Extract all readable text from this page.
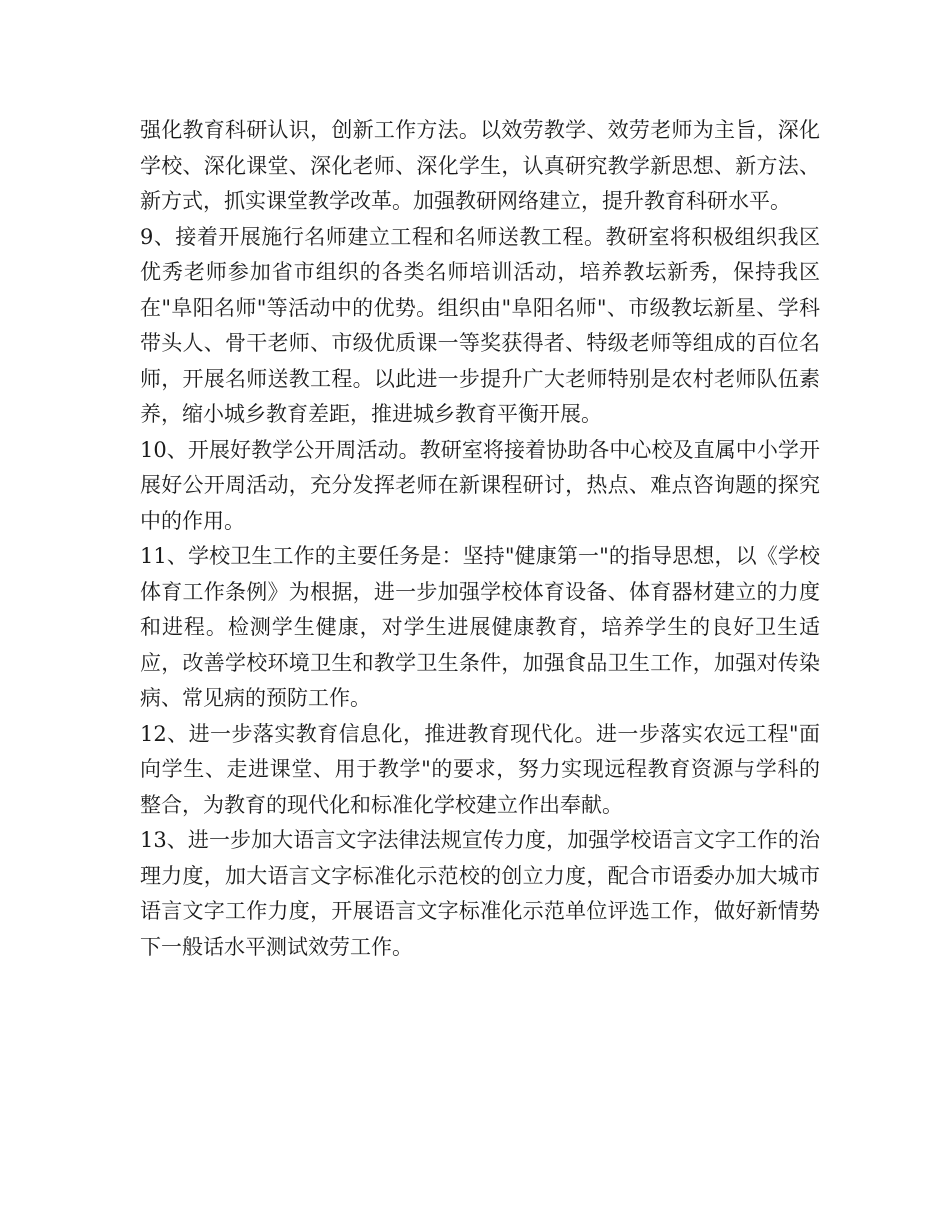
强化教育科研认识，创新工作方法。以效劳教学、效劳老师为主旨，深化学校、深化课堂、深化老师、深化学生，认真研究教学新思想、新方法、新方式，抓实课堂教学改革。加强教研网络建立，提升教育科研水平。

9、接着开展施行名师建立工程和名师送教工程。教研室将积极组织我区优秀老师参加省市组织的各类名师培训活动，培养教坛新秀，保持我区在"阜阳名师"等活动中的优势。组织由"阜阳名师"、市级教坛新星、学科带头人、骨干老师、市级优质课一等奖获得者、特级老师等组成的百位名师，开展名师送教工程。以此进一步提升广大老师特别是农村老师队伍素养，缩小城乡教育差距，推进城乡教育平衡开展。

10、开展好教学公开周活动。教研室将接着协助各中心校及直属中小学开展好公开周活动，充分发挥老师在新课程研讨，热点、难点咨询题的探究中的作用。

11、学校卫生工作的主要任务是：坚持"健康第一"的指导思想，以《学校体育工作条例》为根据，进一步加强学校体育设备、体育器材建立的力度和进程。检测学生健康，对学生进展健康教育，培养学生的良好卫生适应，改善学校环境卫生和教学卫生条件，加强食品卫生工作，加强对传染病、常见病的预防工作。

12、进一步落实教育信息化，推进教育现代化。进一步落实农远工程"面向学生、走进课堂、用于教学"的要求，努力实现远程教育资源与学科的整合，为教育的现代化和标准化学校建立作出奉献。

13、进一步加大语言文字法律法规宣传力度，加强学校语言文字工作的治理力度，加大语言文字标准化示范校的创立力度，配合市语委办加大城市语言文字工作力度，开展语言文字标准化示范单位评选工作，做好新情势下一般话水平测试效劳工作。
